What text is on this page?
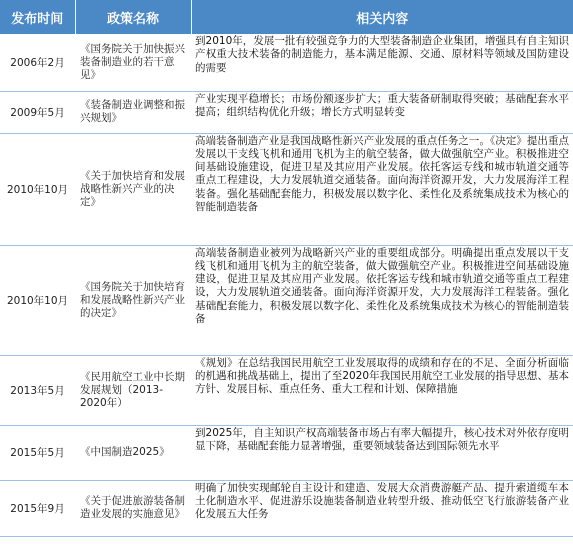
发布时间	政策名称	相关内容
2006年2月	《国务院关于加快振兴装备制造业的若干意见》	到2010年，发展一批有较强竞争力的大型装备制造企业集团，增强具有自主知识产权重大技术装备的制造能力，基本满足能源、交通、原材料等领域及国防建设的需要
2009年5月	《装备制造业调整和振兴规划》	产业实现平稳增长；市场份额逐步扩大；重大装备研制取得突破；基础配套水平提高；组织结构优化升级；增长方式明显转变
2010年10月	《关于加快培育和发展战略性新兴产业的决定》	高端装备制造产业是我国战略性新兴产业发展的重点任务之一。《决定》提出重点发展以干支线飞机和通用飞机为主的航空装备，做大做强航空产业。积极推进空间基础设施建设，促进卫星及其应用产业发展。依托客运专线和城市轨道交通等重点工程建设，大力发展轨道交通装备。面向海洋资源开发，大力发展海洋工程装备。强化基础配套能力，积极发展以数字化、柔性化及系统集成技术为核心的智能制造装备
2010年10月	《国务院关于加快培育和发展战略性新兴产业的决定》	高端装备制造业被列为战略新兴产业的重要组成部分。明确提出重点发展以干支线飞机和通用飞机为主的航空装备，做大做强航空产业。积极推进空间基础设施建设，促进卫星及其应用产业发展。依托客运专线和城市轨道交通等重点工程建设，大力发展轨道交通装备。面向海洋资源开发，大力发展海洋工程装备。强化基础配套能力，积极发展以数字化、柔性化及系统集成技术为核心的智能制造装备
2013年5月	《民用航空工业中长期发展规划（2013-2020年）	《规划》在总结我国民用航空工业发展取得的成绩和存在的不足、全面分析面临的机遇和挑战基础上，提出了至2020年我国民用航空工业发展的指导思想、基本方针、发展目标、重点任务、重大工程和计划、保障措施
2015年5月	《中国制造2025》	到2025年，自主知识产权高端装备市场占有率大幅提升，核心技术对外依存度明显下降，基础配套能力显著增强，重要领域装备达到国际领先水平
2015年9月	《关于促进旅游装备制造业发展的实施意见》	明确了加快实现邮轮自主设计和建造、发展大众消费游艇产品、提升索道缆车本土化制造水平、促进游乐设施装备制造业转型升级、推动低空飞行旅游装备产业化发展五大任务
